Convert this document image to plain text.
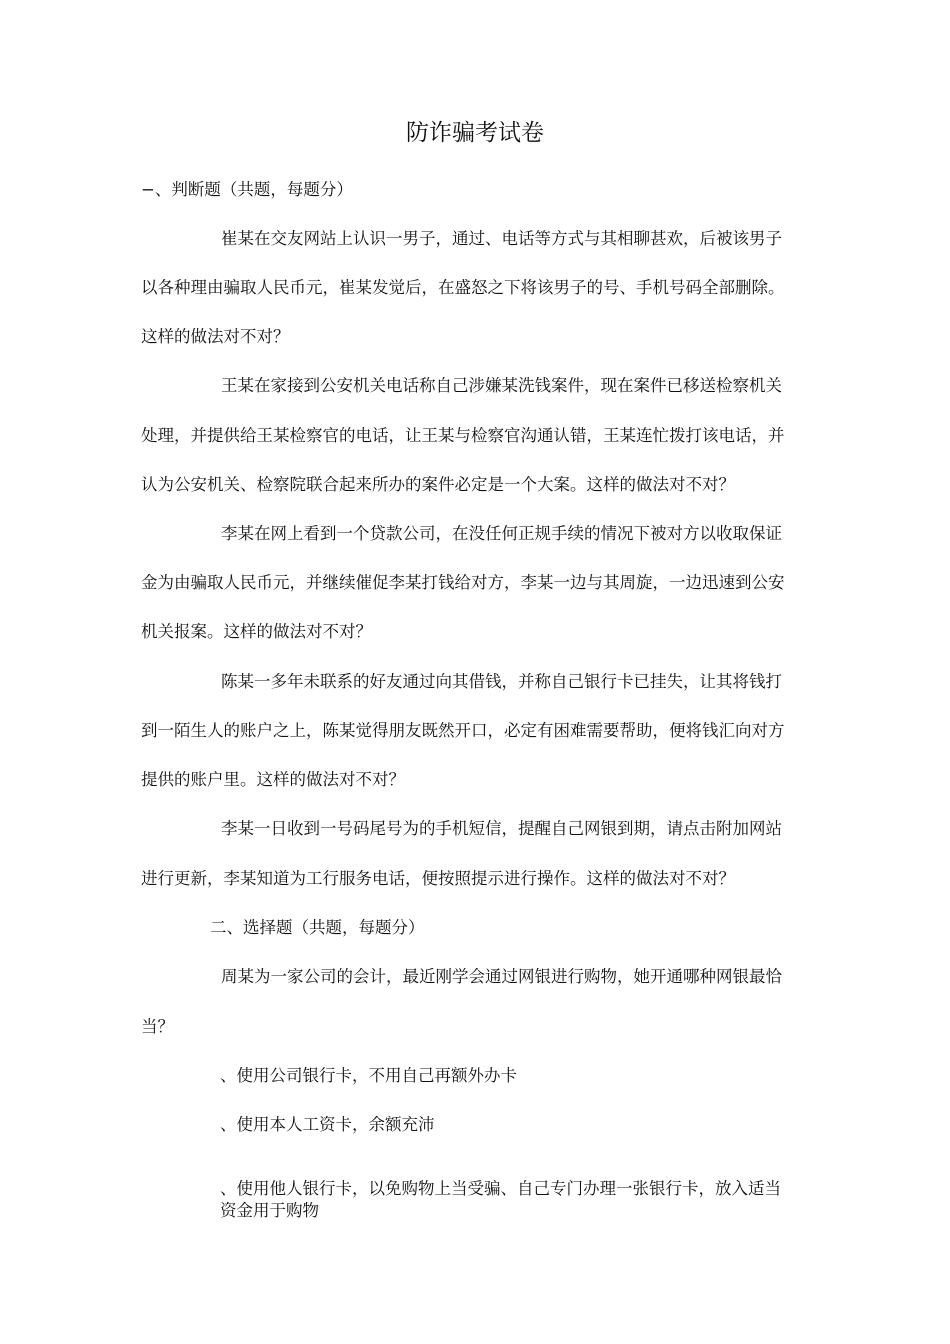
防诈骗考试卷
−、判断题（共题，每题分）
崔某在交友网站上认识一男子，通过、电话等方式与其相聊甚欢，后被该男子
以各种理由骗取人民币元，崔某发觉后，在盛怒之下将该男子的号、手机号码全部删除。
这样的做法对不对？
王某在家接到公安机关电话称自己涉嫌某洗钱案件，现在案件已移送检察机关
处理，并提供给王某检察官的电话，让王某与检察官沟通认错，王某连忙拨打该电话，并
认为公安机关、检察院联合起来所办的案件必定是一个大案。这样的做法对不对？
李某在网上看到一个贷款公司，在没任何正规手续的情况下被对方以收取保证
金为由骗取人民币元，并继续催促李某打钱给对方，李某一边与其周旋，一边迅速到公安
机关报案。这样的做法对不对？
陈某一多年未联系的好友通过向其借钱，并称自己银行卡已挂失，让其将钱打
到一陌生人的账户之上，陈某觉得朋友既然开口，必定有困难需要帮助，便将钱汇向对方
提供的账户里。这样的做法对不对？
李某一日收到一号码尾号为的手机短信，提醒自己网银到期，请点击附加网站
进行更新，李某知道为工行服务电话，便按照提示进行操作。这样的做法对不对？
二、选择题（共题，每题分）
周某为一家公司的会计，最近刚学会通过网银进行购物，她开通哪种网银最恰
当？
、使用公司银行卡，不用自己再额外办卡
、使用本人工资卡，余额充沛
、使用他人银行卡，以免购物上当受骗、自己专门办理一张银行卡，放入适当
资金用于购物
